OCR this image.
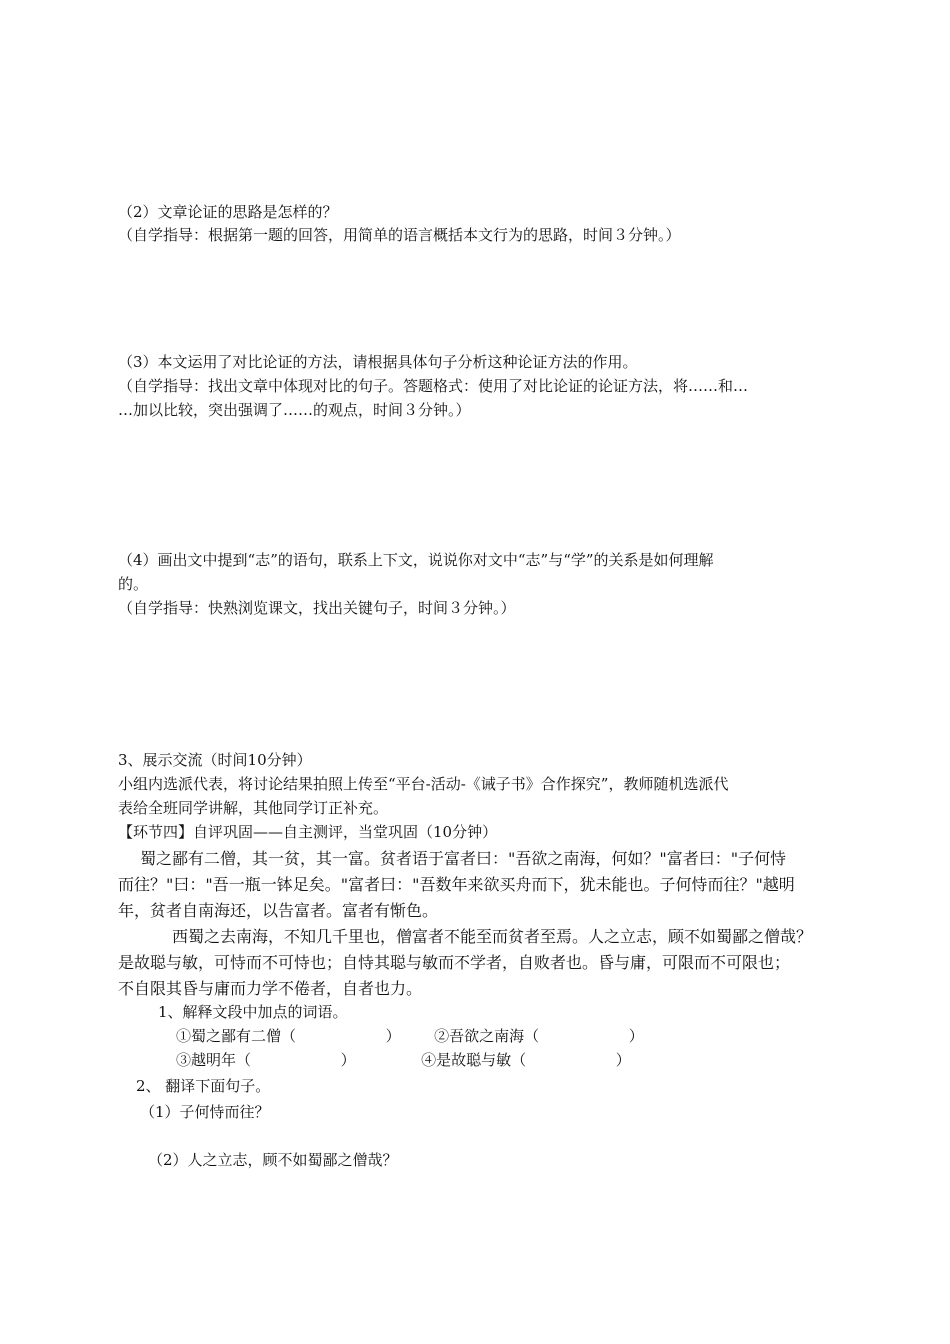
（2）文章论证的思路是怎样的？
（自学指导：根据第一题的回答，用简单的语言概括本文行为的思路，时间３分钟。）
（3）本文运用了对比论证的方法，请根据具体句子分析这种论证方法的作用。
（自学指导：找出文章中体现对比的句子。答题格式：使用了对比论证的论证方法，将……和…
…加以比较，突出强调了……的观点，时间３分钟。）
（4）画出文中提到“志”的语句，联系上下文，说说你对文中“志”与“学”的关系是如何理解
的。
（自学指导：快熟浏览课文，找出关键句子，时间３分钟。）
3、展示交流（时间10分钟）
小组内选派代表，将讨论结果拍照上传至“平台-活动-《诫子书》合作探究”，教师随机选派代
表给全班同学讲解，其他同学订正补充。
【环节四】自评巩固——自主测评，当堂巩固（10分钟）
蜀之鄙有二僧，其一贫，其一富。贫者语于富者曰："吾欲之南海，何如？"富者曰："子何恃
而往？"曰："吾一瓶一钵足矣。"富者曰："吾数年来欲买舟而下，犹未能也。子何恃而往？"越明
年，贫者自南海还，以告富者。富者有惭色。
西蜀之去南海，不知几千里也，僧富者不能至而贫者至焉。人之立志，顾不如蜀鄙之僧哉？
是故聪与敏，可恃而不可恃也；自恃其聪与敏而不学者，自败者也。昏与庸，可限而不可限也；
不自限其昏与庸而力学不倦者，自者也力。
1、解释文段中加点的词语。
①蜀之鄙有二僧（	） ②吾欲之南海（	）
③越明年（	）	④是故聪与敏（	）
2、 翻译下面句子。
（1）子何恃而往？
（2）人之立志，顾不如蜀鄙之僧哉？
